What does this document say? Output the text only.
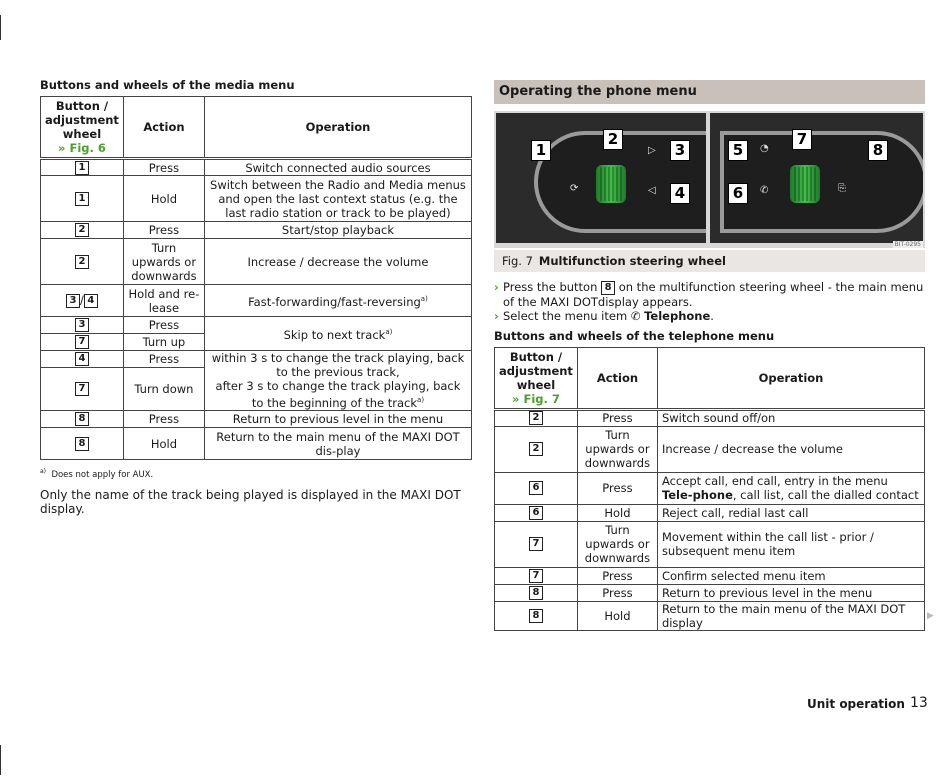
Buttons and wheels of the media menu
Button / adjustment wheel
» Fig. 6	Action	Operation
1	Press	Switch connected audio sources
1	Hold	Switch between the Radio and Media menus and open the last context status (e.g. the last radio station or track to be played)
2	Press	Start/stop playback
2	Turn upwards or downwards	Increase / decrease the volume
3 / 4	Hold and re-lease	Fast-forwarding/fast-reversing$^{a)}$
3	Press	Skip to next track$^{a)}$
7	Turn up	
4	Press	within 3 s to change the track playing, back to the previous track,
after 3 s to change the track playing, back to the beginning of the track$^{a)}$
7	Turn down	
8	Press	Return to previous level in the menu
8	Hold	Return to the main menu of the MAXI DOT dis-play
$^{a)}$ Does not apply for AUX.
Only the name of the track being played is displayed in the MAXI DOT display.
Operating the phone menu
⟳
▷
◁
1
2
3
4
◔
✆	⎘
5
6
7
8
BIT-0295
Fig. 7 Multifunction steering wheel
› Press the button 8 on the multifunction steering wheel - the main menu of the MAXI DOTdisplay appears.
› Select the menu item ✆ Telephone.
Buttons and wheels of the telephone menu
Button / adjustment wheel
» Fig. 7	Action	Operation
2	Press	Switch sound off/on
2	Turn upwards or downwards	Increase / decrease the volume
6	Press	Accept call, end call, entry in the menu Tele-phone, call list, call the dialled contact
6	Hold	Reject call, redial last call
7	Turn upwards or downwards	Movement within the call list - prior / subsequent menu item
7	Press	Confirm selected menu item
8	Press	Return to previous level in the menu
8	Hold	Return to the main menu of the MAXI DOT display	▶
Unit operation 13
